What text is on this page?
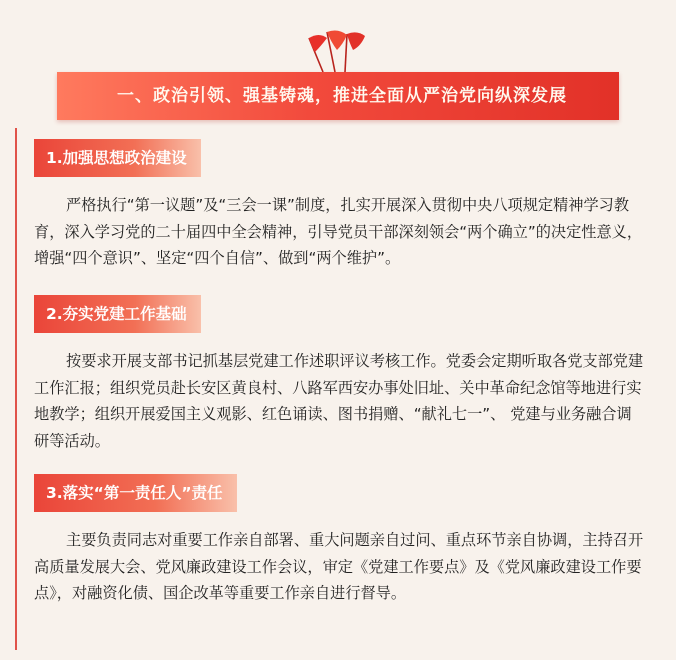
一、政治引领、强基铸魂，推进全面从严治党向纵深发展
1.加强思想政治建设

严格执行“第一议题”及“三会一课”制度，扎实开展深入贯彻中央八项规定精神学习教育，深入学习党的二十届四中全会精神，引导党员干部深刻领会“两个确立”的决定性意义，增强“四个意识”、坚定“四个自信”、做到“两个维护”。

2.夯实党建工作基础

按要求开展支部书记抓基层党建工作述职评议考核工作。党委会定期听取各党支部党建工作汇报；组织党员赴长安区黄良村、八路军西安办事处旧址、关中革命纪念馆等地进行实地教学；组织开展爱国主义观影、红色诵读、图书捐赠、“献礼七一”、 党建与业务融合调研等活动。

3.落实“第一责任人”责任

主要负责同志对重要工作亲自部署、重大问题亲自过问、重点环节亲自协调，主持召开高质量发展大会、党风廉政建设工作会议，审定《党建工作要点》及《党风廉政建设工作要点》，对融资化债、国企改革等重要工作亲自进行督导。
